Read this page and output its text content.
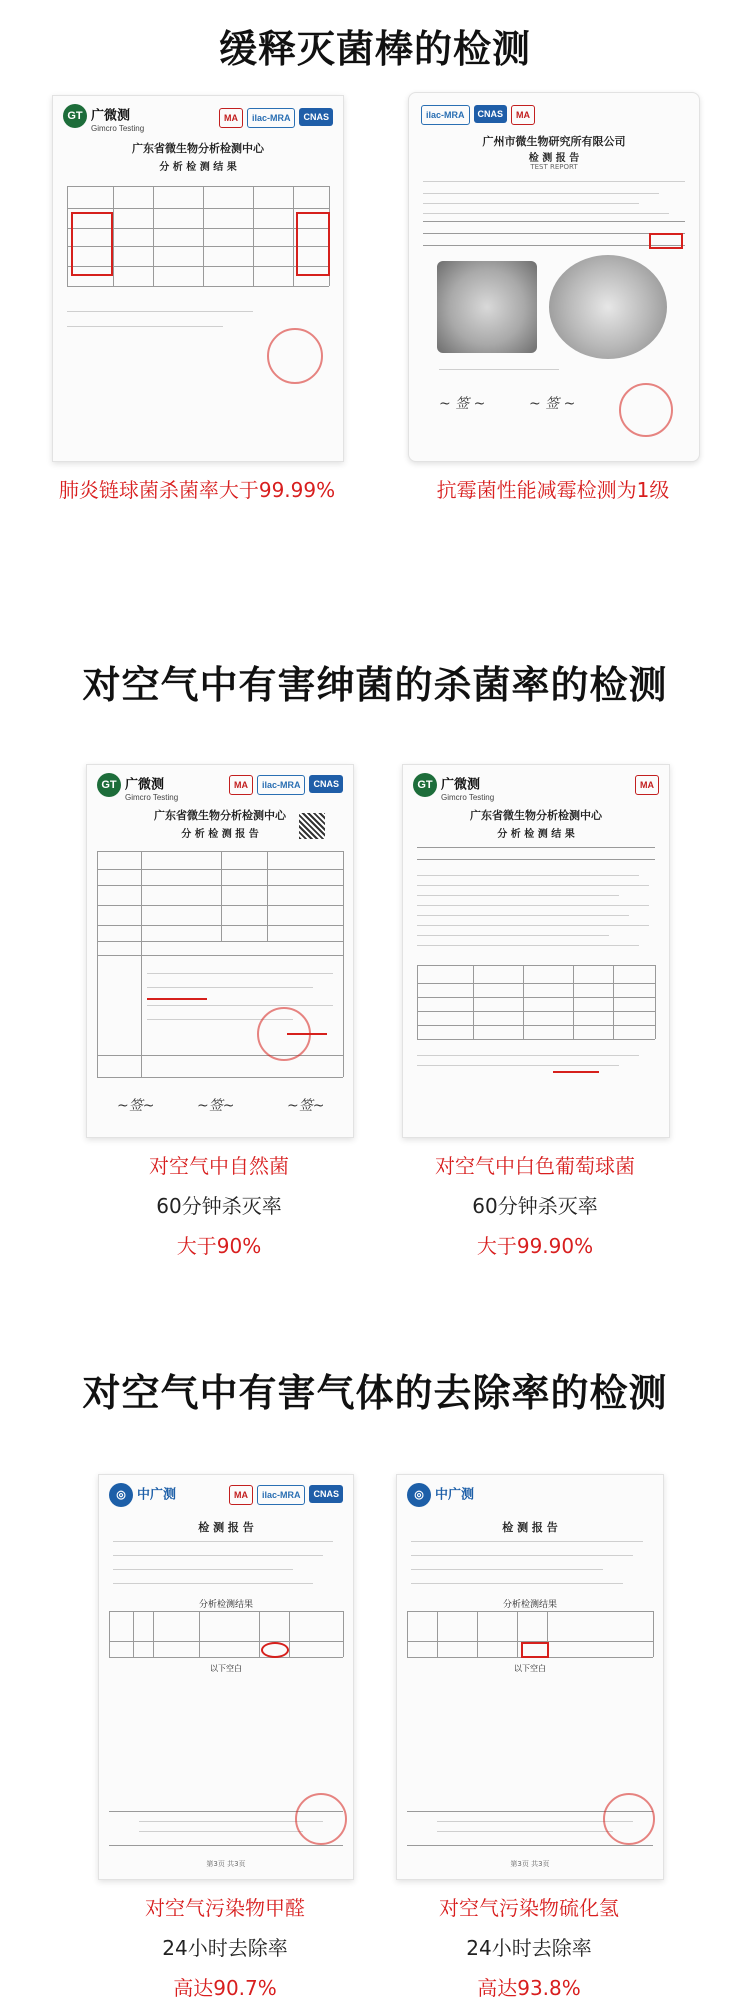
缓释灭菌棒的检测
GT 广微测
Gimcro Testing
MA	ilac-MRA	CNAS
广东省微生物分析检测中心
分 析 检 测 结 果
肺炎链球菌杀菌率大于99.99%
ilac-MRA	CNAS	MA
广州市微生物研究所有限公司
检 测 报 告
TEST REPORT
~ 签 ~	~ 签 ~
抗霉菌性能减霉检测为1级
对空气中有害绅菌的杀菌率的检测
GT 广微测
Gimcro Testing
MA	ilac-MRA	CNAS
广东省微生物分析检测中心
分 析 检 测 报 告
~签~	~签~	~签~
对空气中自然菌
60分钟杀灭率
大于90%
GT 广微测
Gimcro Testing
MA
广东省微生物分析检测中心
分 析 检 测 结 果
对空气中白色葡萄球菌
60分钟杀灭率
大于99.90%
对空气中有害气体的去除率的检测
◎ 中广测	MA	ilac-MRA	CNAS
检 测 报 告
分析检测结果
以下空白
第3页 共3页
对空气污染物甲醛
24小时去除率
高达90.7%
◎ 中广测
检 测 报 告
分析检测结果
以下空白
第3页 共3页
对空气污染物硫化氢
24小时去除率
高达93.8%
